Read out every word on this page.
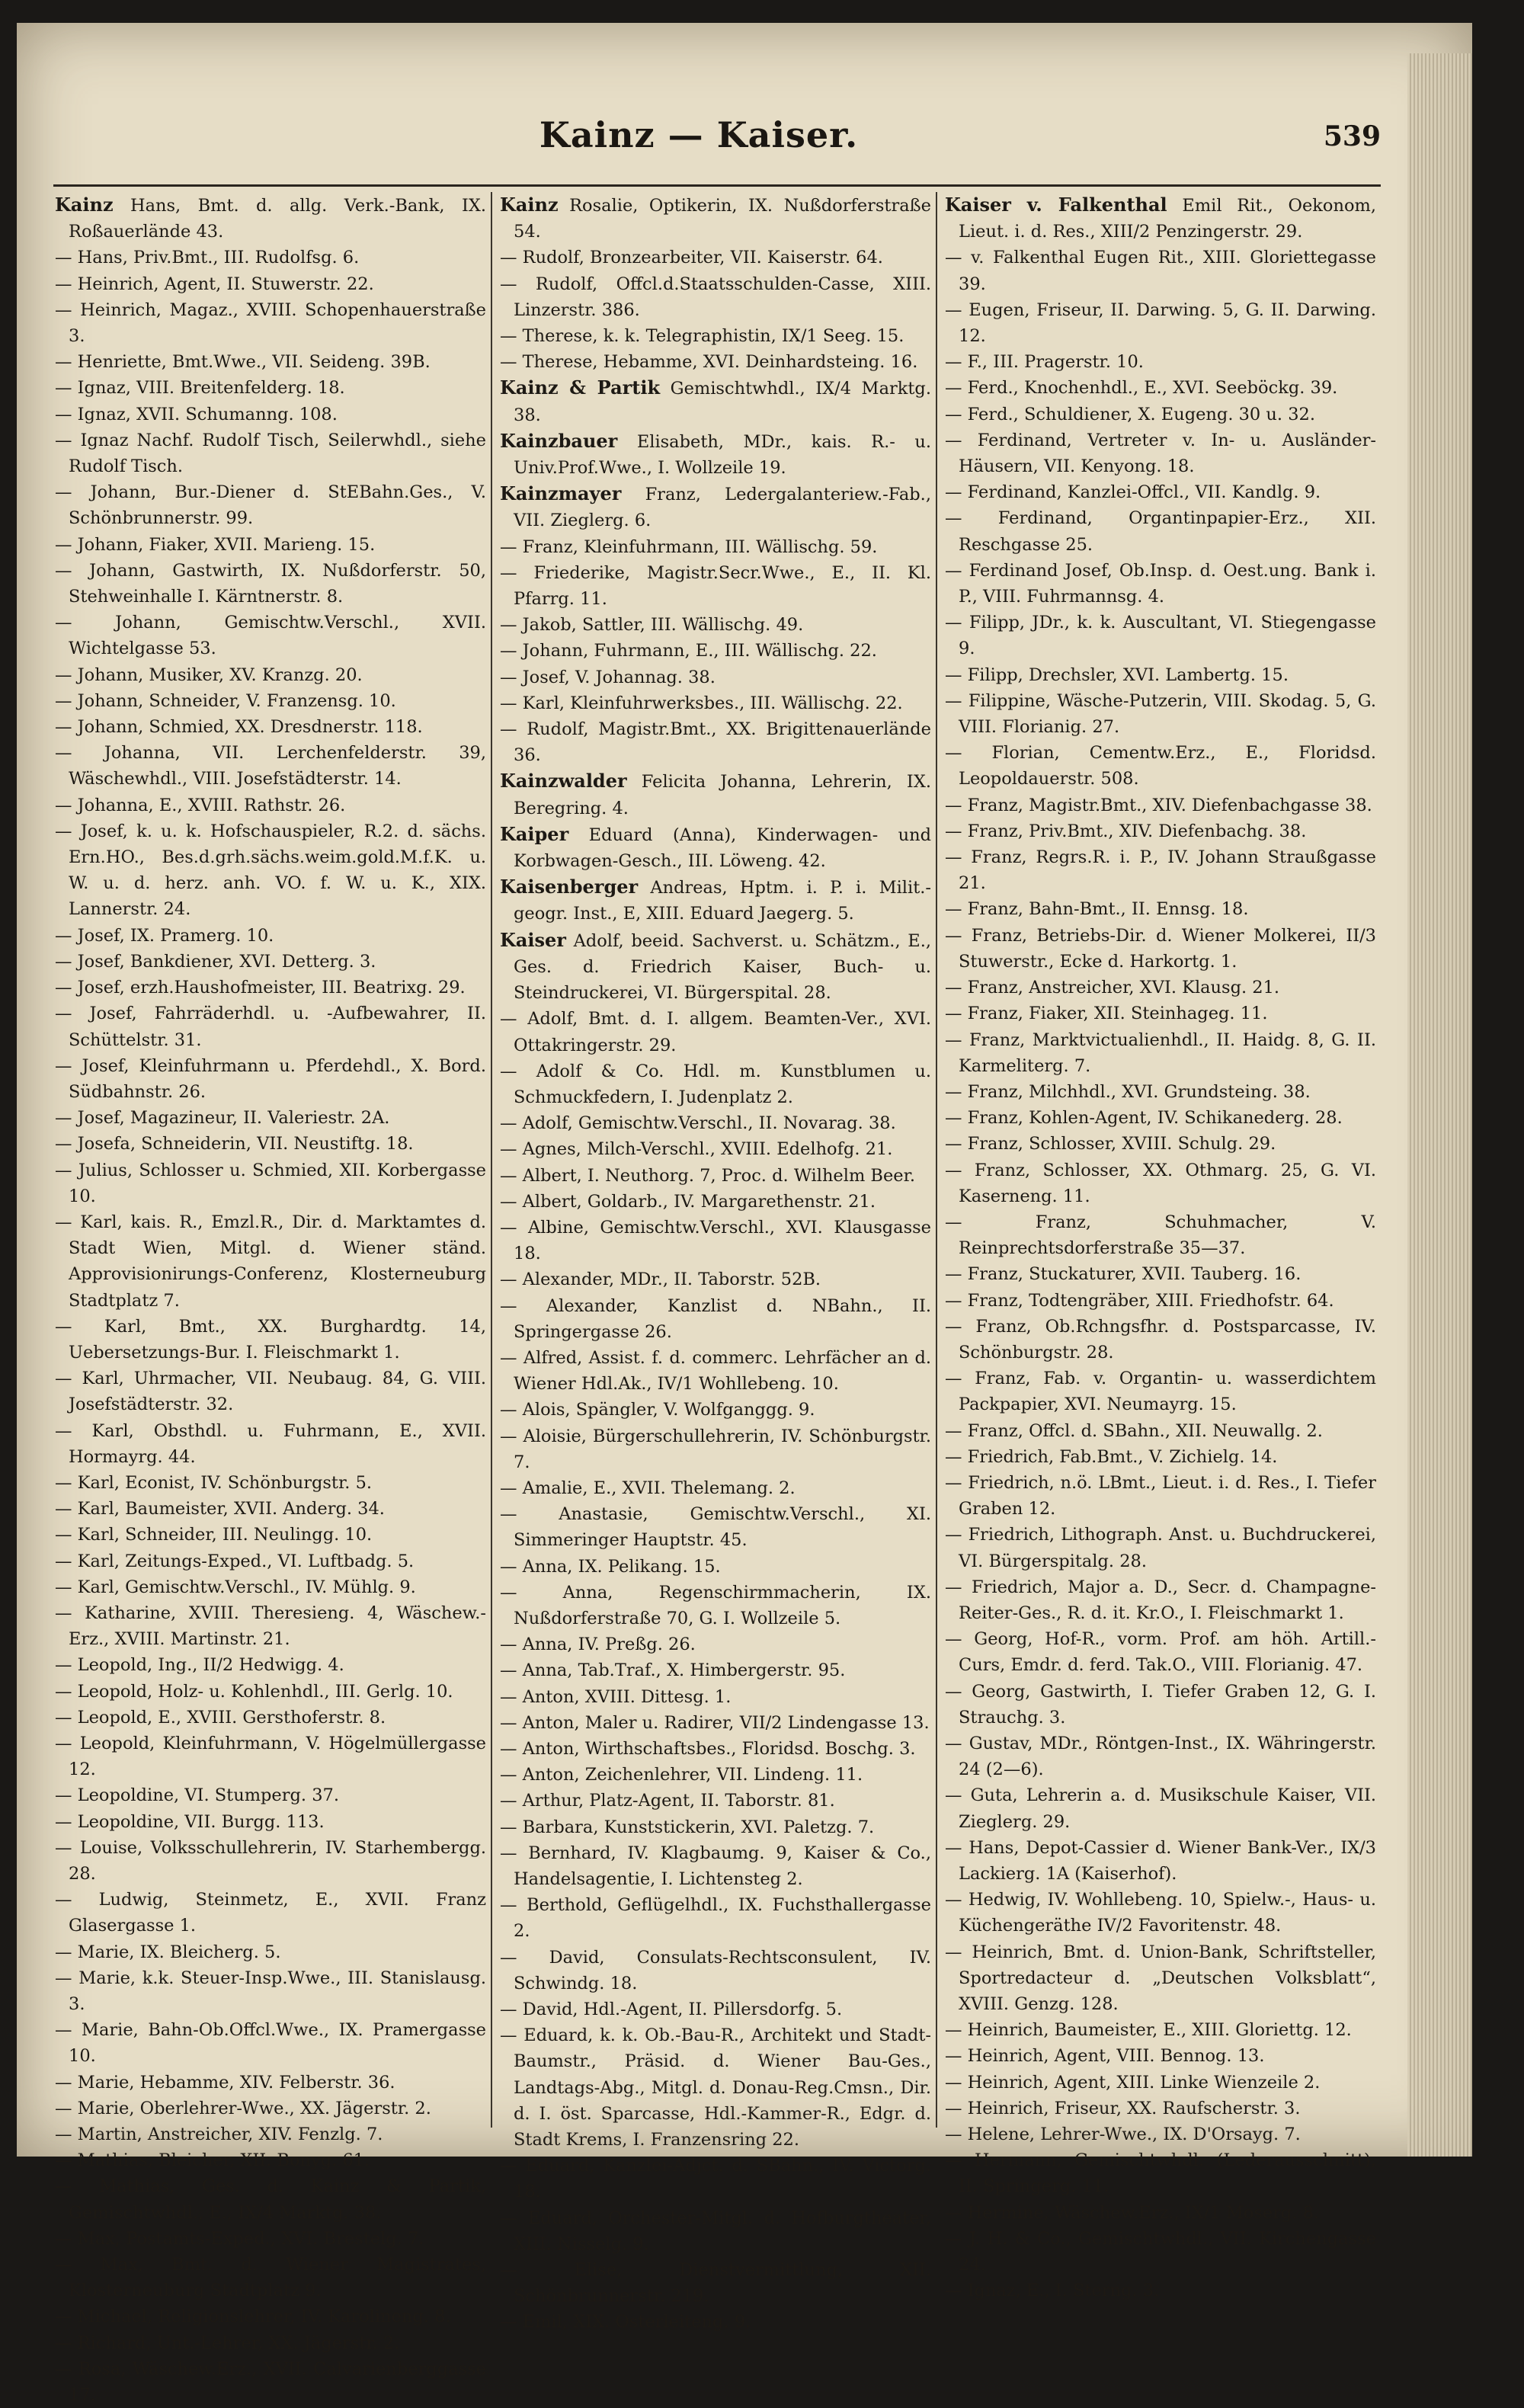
Kainz — Kaiser.	539
Kainz Hans, Bmt. d. allg. Verk.-Bank, IX. Roßauerlände 43.
— Hans, Priv.Bmt., III. Rudolfsg. 6.
— Heinrich, Agent, II. Stuwerstr. 22.
— Heinrich, Magaz., XVIII. Schopenhauerstraße 3.
— Henriette, Bmt.Wwe., VII. Seideng. 39B.
— Ignaz, VIII. Breitenfelderg. 18.
— Ignaz, XVII. Schumanng. 108.
— Ignaz Nachf. Rudolf Tisch, Seilerwhdl., siehe Rudolf Tisch.
— Johann, Bur.-Diener d. StEBahn.Ges., V. Schönbrunnerstr. 99.
— Johann, Fiaker, XVII. Marieng. 15.
— Johann, Gastwirth, IX. Nußdorferstr. 50, Stehweinhalle I. Kärntnerstr. 8.
— Johann, Gemischtw.Verschl., XVII. Wichtelgasse 53.
— Johann, Musiker, XV. Kranzg. 20.
— Johann, Schneider, V. Franzensg. 10.
— Johann, Schmied, XX. Dresdnerstr. 118.
— Johanna, VII. Lerchenfelderstr. 39, Wäschewhdl., VIII. Josefstädterstr. 14.
— Johanna, E., XVIII. Rathstr. 26.
— Josef, k. u. k. Hofschauspieler, R.2. d. sächs. Ern.HO., Bes.d.grh.sächs.weim.gold.M.f.K. u. W. u. d. herz. anh. VO. f. W. u. K., XIX. Lannerstr. 24.
— Josef, IX. Pramerg. 10.
— Josef, Bankdiener, XVI. Detterg. 3.
— Josef, erzh.Haushofmeister, III. Beatrixg. 29.
— Josef, Fahrräderhdl. u. -Aufbewahrer, II. Schüttelstr. 31.
— Josef, Kleinfuhrmann u. Pferdehdl., X. Bord. Südbahnstr. 26.
— Josef, Magazineur, II. Valeriestr. 2A.
— Josefa, Schneiderin, VII. Neustiftg. 18.
— Julius, Schlosser u. Schmied, XII. Korbergasse 10.
— Karl, kais. R., Emzl.R., Dir. d. Marktamtes d. Stadt Wien, Mitgl. d. Wiener ständ. Approvisionirungs-Conferenz, Klosterneuburg Stadtplatz 7.
— Karl, Bmt., XX. Burghardtg. 14, Uebersetzungs-Bur. I. Fleischmarkt 1.
— Karl, Uhrmacher, VII. Neubaug. 84, G. VIII. Josefstädterstr. 32.
— Karl, Obsthdl. u. Fuhrmann, E., XVII. Hormayrg. 44.
— Karl, Econist, IV. Schönburgstr. 5.
— Karl, Baumeister, XVII. Anderg. 34.
— Karl, Schneider, III. Neulingg. 10.
— Karl, Zeitungs-Exped., VI. Luftbadg. 5.
— Karl, Gemischtw.Verschl., IV. Mühlg. 9.
— Katharine, XVIII. Theresieng. 4, Wäschew.-Erz., XVIII. Martinstr. 21.
— Leopold, Ing., II/2 Hedwigg. 4.
— Leopold, Holz- u. Kohlenhdl., III. Gerlg. 10.
— Leopold, E., XVIII. Gersthoferstr. 8.
— Leopold, Kleinfuhrmann, V. Högelmüllergasse 12.
— Leopoldine, VI. Stumperg. 37.
— Leopoldine, VII. Burgg. 113.
— Louise, Volksschullehrerin, IV. Starhembergg. 28.
— Ludwig, Steinmetz, E., XVII. Franz Glasergasse 1.
— Marie, IX. Bleicherg. 5.
— Marie, k.k. Steuer-Insp.Wwe., III. Stanislausg. 3.
— Marie, Bahn-Ob.Offcl.Wwe., IX. Pramergasse 10.
— Marie, Hebamme, XIV. Felberstr. 36.
— Marie, Oberlehrer-Wwe., XX. Jägerstr. 2.
— Martin, Anstreicher, XIV. Fenzlg. 7.
— Mathias, Bleicher, XII. Bonyg. 61.
— Mathias, Ges. d. Kainz & Partik, Gemischtwhdl., E., IX/4 Marktg. 38.
— Max, Postamts-Exped., XVI. Brestelg. 7.
— Max, Bmt. d. Wiener Magistrates, Klosterneuburg Stadtplatz 9.
— Michael, Religionslehrer, IV. Karolineng. 8.
— Richard, Unt.-Lehrer, XX. Jägerstr. 2.
— Rosa, Wäschew.Erz., XVII. Calvarienberggasse 17.
Kainz Rosalie, Optikerin, IX. Nußdorferstraße 54.
— Rudolf, Bronzearbeiter, VII. Kaiserstr. 64.
— Rudolf, Offcl.d.Staatsschulden-Casse, XIII. Linzerstr. 386.
— Therese, k. k. Telegraphistin, IX/1 Seeg. 15.
— Therese, Hebamme, XVI. Deinhardsteing. 16.
Kainz & Partik Gemischtwhdl., IX/4 Marktg. 38.
Kainzbauer Elisabeth, MDr., kais. R.- u. Univ.Prof.Wwe., I. Wollzeile 19.
Kainzmayer Franz, Ledergalanteriew.-Fab., VII. Zieglerg. 6.
— Franz, Kleinfuhrmann, III. Wällischg. 59.
— Friederike, Magistr.Secr.Wwe., E., II. Kl. Pfarrg. 11.
— Jakob, Sattler, III. Wällischg. 49.
— Johann, Fuhrmann, E., III. Wällischg. 22.
— Josef, V. Johannag. 38.
— Karl, Kleinfuhrwerksbes., III. Wällischg. 22.
— Rudolf, Magistr.Bmt., XX. Brigittenauerlände 36.
Kainzwalder Felicita Johanna, Lehrerin, IX. Beregring. 4.
Kaiper Eduard (Anna), Kinderwagen- und Korbwagen-Gesch., III. Löweng. 42.
Kaisenberger Andreas, Hptm. i. P. i. Milit.-geogr. Inst., E, XIII. Eduard Jaegerg. 5.
Kaiser Adolf, beeid. Sachverst. u. Schätzm., E., Ges. d. Friedrich Kaiser, Buch- u. Steindruckerei, VI. Bürgerspital. 28.
— Adolf, Bmt. d. I. allgem. Beamten-Ver., XVI. Ottakringerstr. 29.
— Adolf & Co. Hdl. m. Kunstblumen u. Schmuckfedern, I. Judenplatz 2.
— Adolf, Gemischtw.Verschl., II. Novarag. 38.
— Agnes, Milch-Verschl., XVIII. Edelhofg. 21.
— Albert, I. Neuthorg. 7, Proc. d. Wilhelm Beer.
— Albert, Goldarb., IV. Margarethenstr. 21.
— Albine, Gemischtw.Verschl., XVI. Klausgasse 18.
— Alexander, MDr., II. Taborstr. 52B.
— Alexander, Kanzlist d. NBahn., II. Springergasse 26.
— Alfred, Assist. f. d. commerc. Lehrfächer an d. Wiener Hdl.Ak., IV/1 Wohllebeng. 10.
— Alois, Spängler, V. Wolfganggg. 9.
— Aloisie, Bürgerschullehrerin, IV. Schönburgstr. 7.
— Amalie, E., XVII. Thelemang. 2.
— Anastasie, Gemischtw.Verschl., XI. Simmeringer Hauptstr. 45.
— Anna, IX. Pelikang. 15.
— Anna, Regenschirmmacherin, IX. Nußdorferstraße 70, G. I. Wollzeile 5.
— Anna, IV. Preßg. 26.
— Anna, Tab.Traf., X. Himbergerstr. 95.
— Anton, XVIII. Dittesg. 1.
— Anton, Maler u. Radirer, VII/2 Lindengasse 13.
— Anton, Wirthschaftsbes., Floridsd. Boschg. 3.
— Anton, Zeichenlehrer, VII. Lindeng. 11.
— Arthur, Platz-Agent, II. Taborstr. 81.
— Barbara, Kunststickerin, XVI. Paletzg. 7.
— Bernhard, IV. Klagbaumg. 9, Kaiser & Co., Handelsagentie, I. Lichtensteg 2.
— Berthold, Geflügelhdl., IX. Fuchsthallergasse 2.
— David, Consulats-Rechtsconsulent, IV. Schwindg. 18.
— David, Hdl.-Agent, II. Pillersdorfg. 5.
— Eduard, k. k. Ob.-Bau-R., Architekt und Stadt-Baumstr., Präsid. d. Wiener Bau-Ges., Landtags-Abg., Mitgl. d. Donau-Reg.Cmsn., Dir. d. I. öst. Sparcasse, Hdl.-Kammer-R., Edgr. d. Stadt Krems, I. Franzensring 22.
— Eduard, Kanzlei-Adjct. d. SBahn., IV. Victorg. 18.
— Eduard, Orchester-Mitgl. d. Hofburgtheater, XIII. Nisselg. 9.
— Elise, Dienstvermittlung, XII. Schönbrunnerstr. 219.
— Emil, XIX. Osterleiteng. 9.
Kaiser v. Falkenthal Emil Rit., Oekonom, Lieut. i. d. Res., XIII/2 Penzingerstr. 29.
— v. Falkenthal Eugen Rit., XIII. Gloriettegasse 39.
— Eugen, Friseur, II. Darwing. 5, G. II. Darwing. 12.
— F., III. Pragerstr. 10.
— Ferd., Knochenhdl., E., XVI. Seeböckg. 39.
— Ferd., Schuldiener, X. Eugeng. 30 u. 32.
— Ferdinand, Vertreter v. In- u. Ausländer-Häusern, VII. Kenyong. 18.
— Ferdinand, Kanzlei-Offcl., VII. Kandlg. 9.
— Ferdinand, Organtinpapier-Erz., XII. Reschgasse 25.
— Ferdinand Josef, Ob.Insp. d. Oest.ung. Bank i. P., VIII. Fuhrmannsg. 4.
— Filipp, JDr., k. k. Auscultant, VI. Stiegengasse 9.
— Filipp, Drechsler, XVI. Lambertg. 15.
— Filippine, Wäsche-Putzerin, VIII. Skodag. 5, G. VIII. Florianig. 27.
— Florian, Cementw.Erz., E., Floridsd. Leopoldauerstr. 508.
— Franz, Magistr.Bmt., XIV. Diefenbachgasse 38.
— Franz, Priv.Bmt., XIV. Diefenbachg. 38.
— Franz, Regrs.R. i. P., IV. Johann Straußgasse 21.
— Franz, Bahn-Bmt., II. Ennsg. 18.
— Franz, Betriebs-Dir. d. Wiener Molkerei, II/3 Stuwerstr., Ecke d. Harkortg. 1.
— Franz, Anstreicher, XVI. Klausg. 21.
— Franz, Fiaker, XII. Steinhageg. 11.
— Franz, Marktvictualienhdl., II. Haidg. 8, G. II. Karmeliterg. 7.
— Franz, Milchhdl., XVI. Grundsteing. 38.
— Franz, Kohlen-Agent, IV. Schikanederg. 28.
— Franz, Schlosser, XVIII. Schulg. 29.
— Franz, Schlosser, XX. Othmarg. 25, G. VI. Kaserneng. 11.
— Franz, Schuhmacher, V. Reinprechtsdorferstraße 35—37.
— Franz, Stuckaturer, XVII. Tauberg. 16.
— Franz, Todtengräber, XIII. Friedhofstr. 64.
— Franz, Ob.Rchngsfhr. d. Postsparcasse, IV. Schönburgstr. 28.
— Franz, Fab. v. Organtin- u. wasserdichtem Packpapier, XVI. Neumayrg. 15.
— Franz, Offcl. d. SBahn., XII. Neuwallg. 2.
— Friedrich, Fab.Bmt., V. Zichielg. 14.
— Friedrich, n.ö. LBmt., Lieut. i. d. Res., I. Tiefer Graben 12.
— Friedrich, Lithograph. Anst. u. Buchdruckerei, VI. Bürgerspitalg. 28.
— Friedrich, Major a. D., Secr. d. Champagne-Reiter-Ges., R. d. it. Kr.O., I. Fleischmarkt 1.
— Georg, Hof-R., vorm. Prof. am höh. Artill.-Curs, Emdr. d. ferd. Tak.O., VIII. Florianig. 47.
— Georg, Gastwirth, I. Tiefer Graben 12, G. I. Strauchg. 3.
— Gustav, MDr., Röntgen-Inst., IX. Währingerstr. 24 (2—6).
— Guta, Lehrerin a. d. Musikschule Kaiser, VII. Zieglerg. 29.
— Hans, Depot-Cassier d. Wiener Bank-Ver., IX/3 Lackierg. 1A (Kaiserhof).
— Hedwig, IV. Wohllebeng. 10, Spielw.-, Haus- u. Küchengeräthe IV/2 Favoritenstr. 48.
— Heinrich, Bmt. d. Union-Bank, Schriftsteller, Sportredacteur d. „Deutschen Volksblatt“, XVIII. Genzg. 128.
— Heinrich, Baumeister, E., XIII. Gloriettg. 12.
— Heinrich, Agent, VIII. Bennog. 13.
— Heinrich, Agent, XIII. Linke Wienzeile 2.
— Heinrich, Friseur, XX. Raufscherstr. 3.
— Helene, Lehrer-Wwe., IX. D'Orsayg. 7.
— Hermann, Gemischtwhdl. (Lederausschnitt), II. Springerg. 11.
— Hermine, Wäschew.Erz., IX/1 Moserg. 8.
— J. H. & Co., Gemischtwhdl., VII. Kirchengasse 24.
— Ignaz, E., I. Sterng. 3.
